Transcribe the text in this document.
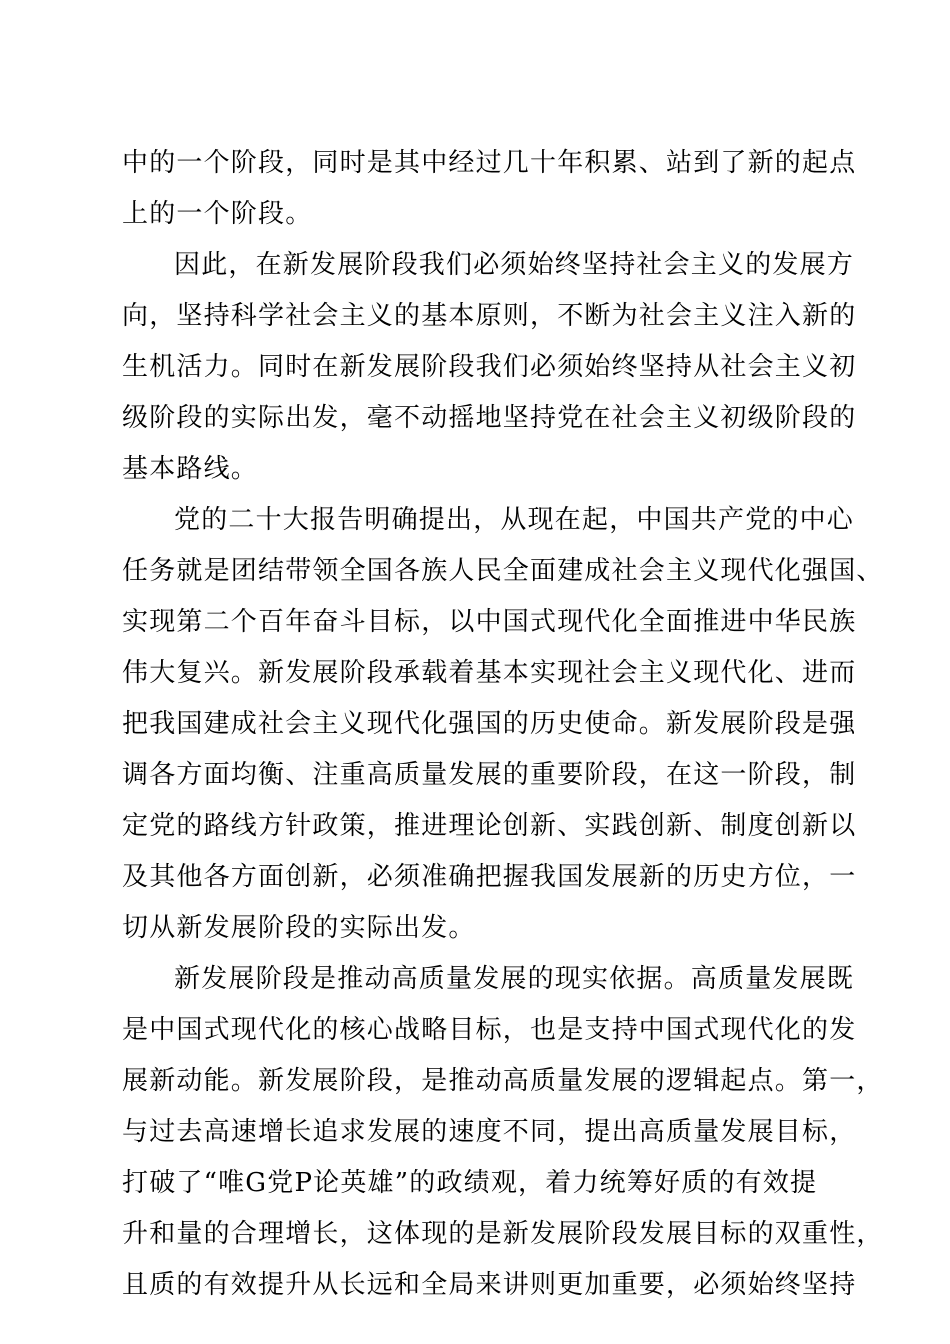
中的一个阶段，同时是其中经过几十年积累、站到了新的起点
上的一个阶段。
因此，在新发展阶段我们必须始终坚持社会主义的发展方
向，坚持科学社会主义的基本原则，不断为社会主义注入新的
生机活力。同时在新发展阶段我们必须始终坚持从社会主义初
级阶段的实际出发，毫不动摇地坚持党在社会主义初级阶段的
基本路线。
党的二十大报告明确提出，从现在起，中国共产党的中心
任务就是团结带领全国各族人民全面建成社会主义现代化强国、
实现第二个百年奋斗目标，以中国式现代化全面推进中华民族
伟大复兴。新发展阶段承载着基本实现社会主义现代化、进而
把我国建成社会主义现代化强国的历史使命。新发展阶段是强
调各方面均衡、注重高质量发展的重要阶段，在这一阶段，制
定党的路线方针政策，推进理论创新、实践创新、制度创新以
及其他各方面创新，必须准确把握我国发展新的历史方位，一
切从新发展阶段的实际出发。
新发展阶段是推动高质量发展的现实依据。高质量发展既
是中国式现代化的核心战略目标，也是支持中国式现代化的发
展新动能。新发展阶段，是推动高质量发展的逻辑起点。第一，
与过去高速增长追求发展的速度不同，提出高质量发展目标，
打破了“唯G党P论英雄”的政绩观，着力统筹好质的有效提
升和量的合理增长，这体现的是新发展阶段发展目标的双重性，
且质的有效提升从长远和全局来讲则更加重要，必须始终坚持
